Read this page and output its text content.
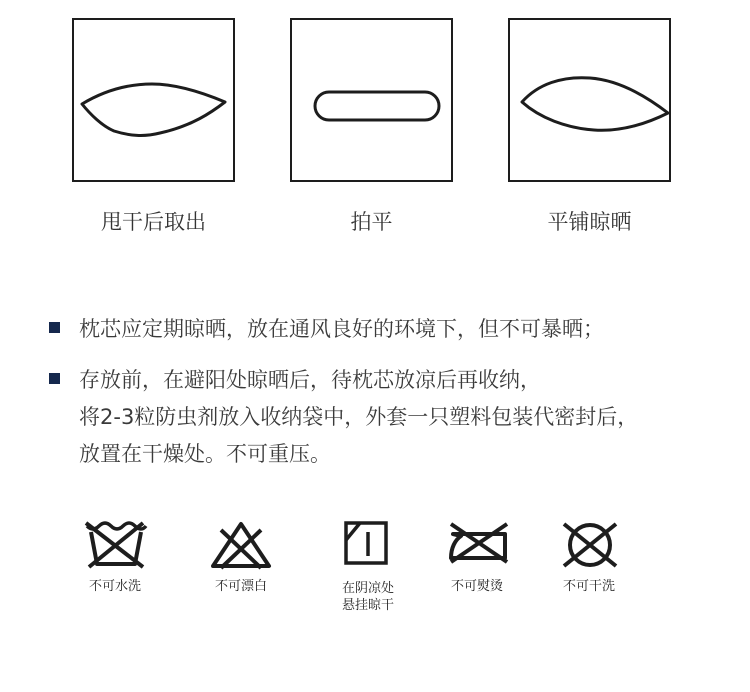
甩干后取出	拍平	平铺晾晒
枕芯应定期晾晒，放在通风良好的环境下，但不可暴晒；
存放前，在避阳处晾晒后，待枕芯放凉后再收纳，
将2-3粒防虫剂放入收纳袋中，外套一只塑料包装代密封后，
放置在干燥处。不可重压。
不可水洗	不可漂白	在阴凉处
悬挂晾干
不可熨烫	不可干洗
